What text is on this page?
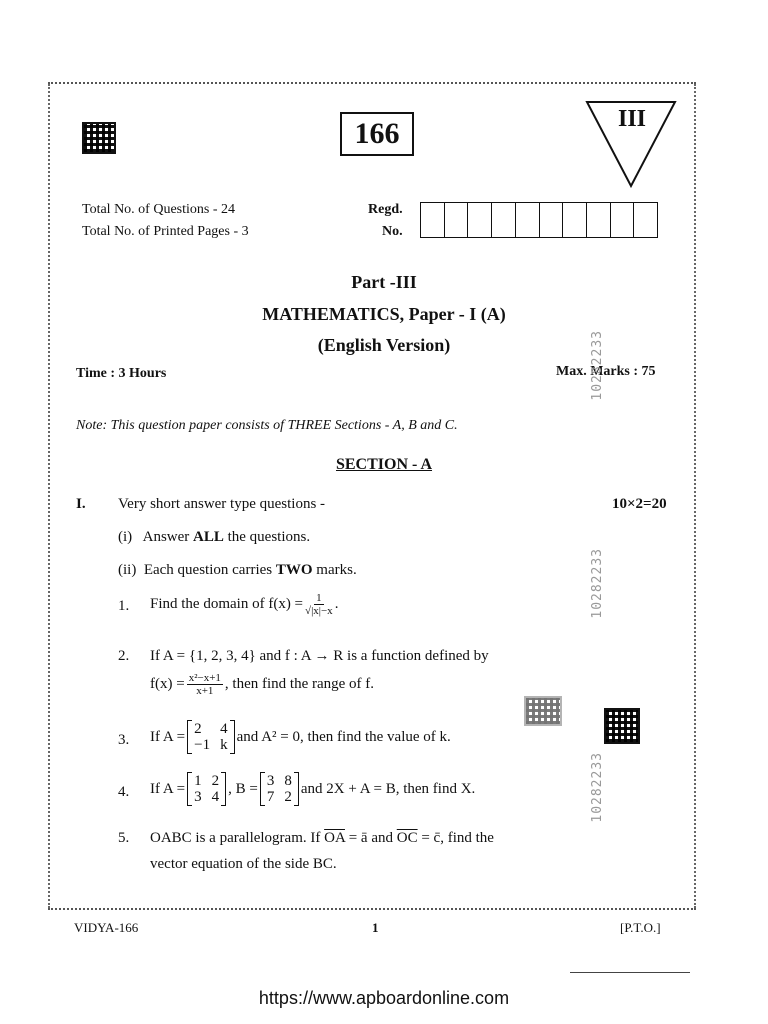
166	III
Total No. of Questions - 24
Total No. of Printed Pages - 3
Regd.
No.
Part -III
MATHEMATICS, Paper - I (A)
(English Version)
Time : 3 Hours	Max. Marks : 75
Note: This question paper consists of THREE Sections - A, B and C.
SECTION - A
I. Very short answer type questions -	10×2=20
(i) Answer ALL the questions.
(ii) Each question carries TWO marks.
1. Find the domain of $f(x) = \frac{1}{√|x|-x}$ .
2. If A = {1, 2, 3, 4} and f : A → R is a function defined by
$f(x) = \frac{\text{x²−x+1}}{x+1}$ , then find the range of f.
3. If A = 2	4
−1 k
and A² = 0, then find the value of k.
4. If A = 1 2
3 4
, B = 3 8
7 2
and 2X + A = B, then find X.
5. OABC is a parallelogram. If $\overline{OA}$ = ā and $\overline{OC}$ = c̄, find the
vector equation of the side BC.
10282233
10282233
10282233
VIDYA-166	1	[P.T.O.]
https://www.apboardonline.com
